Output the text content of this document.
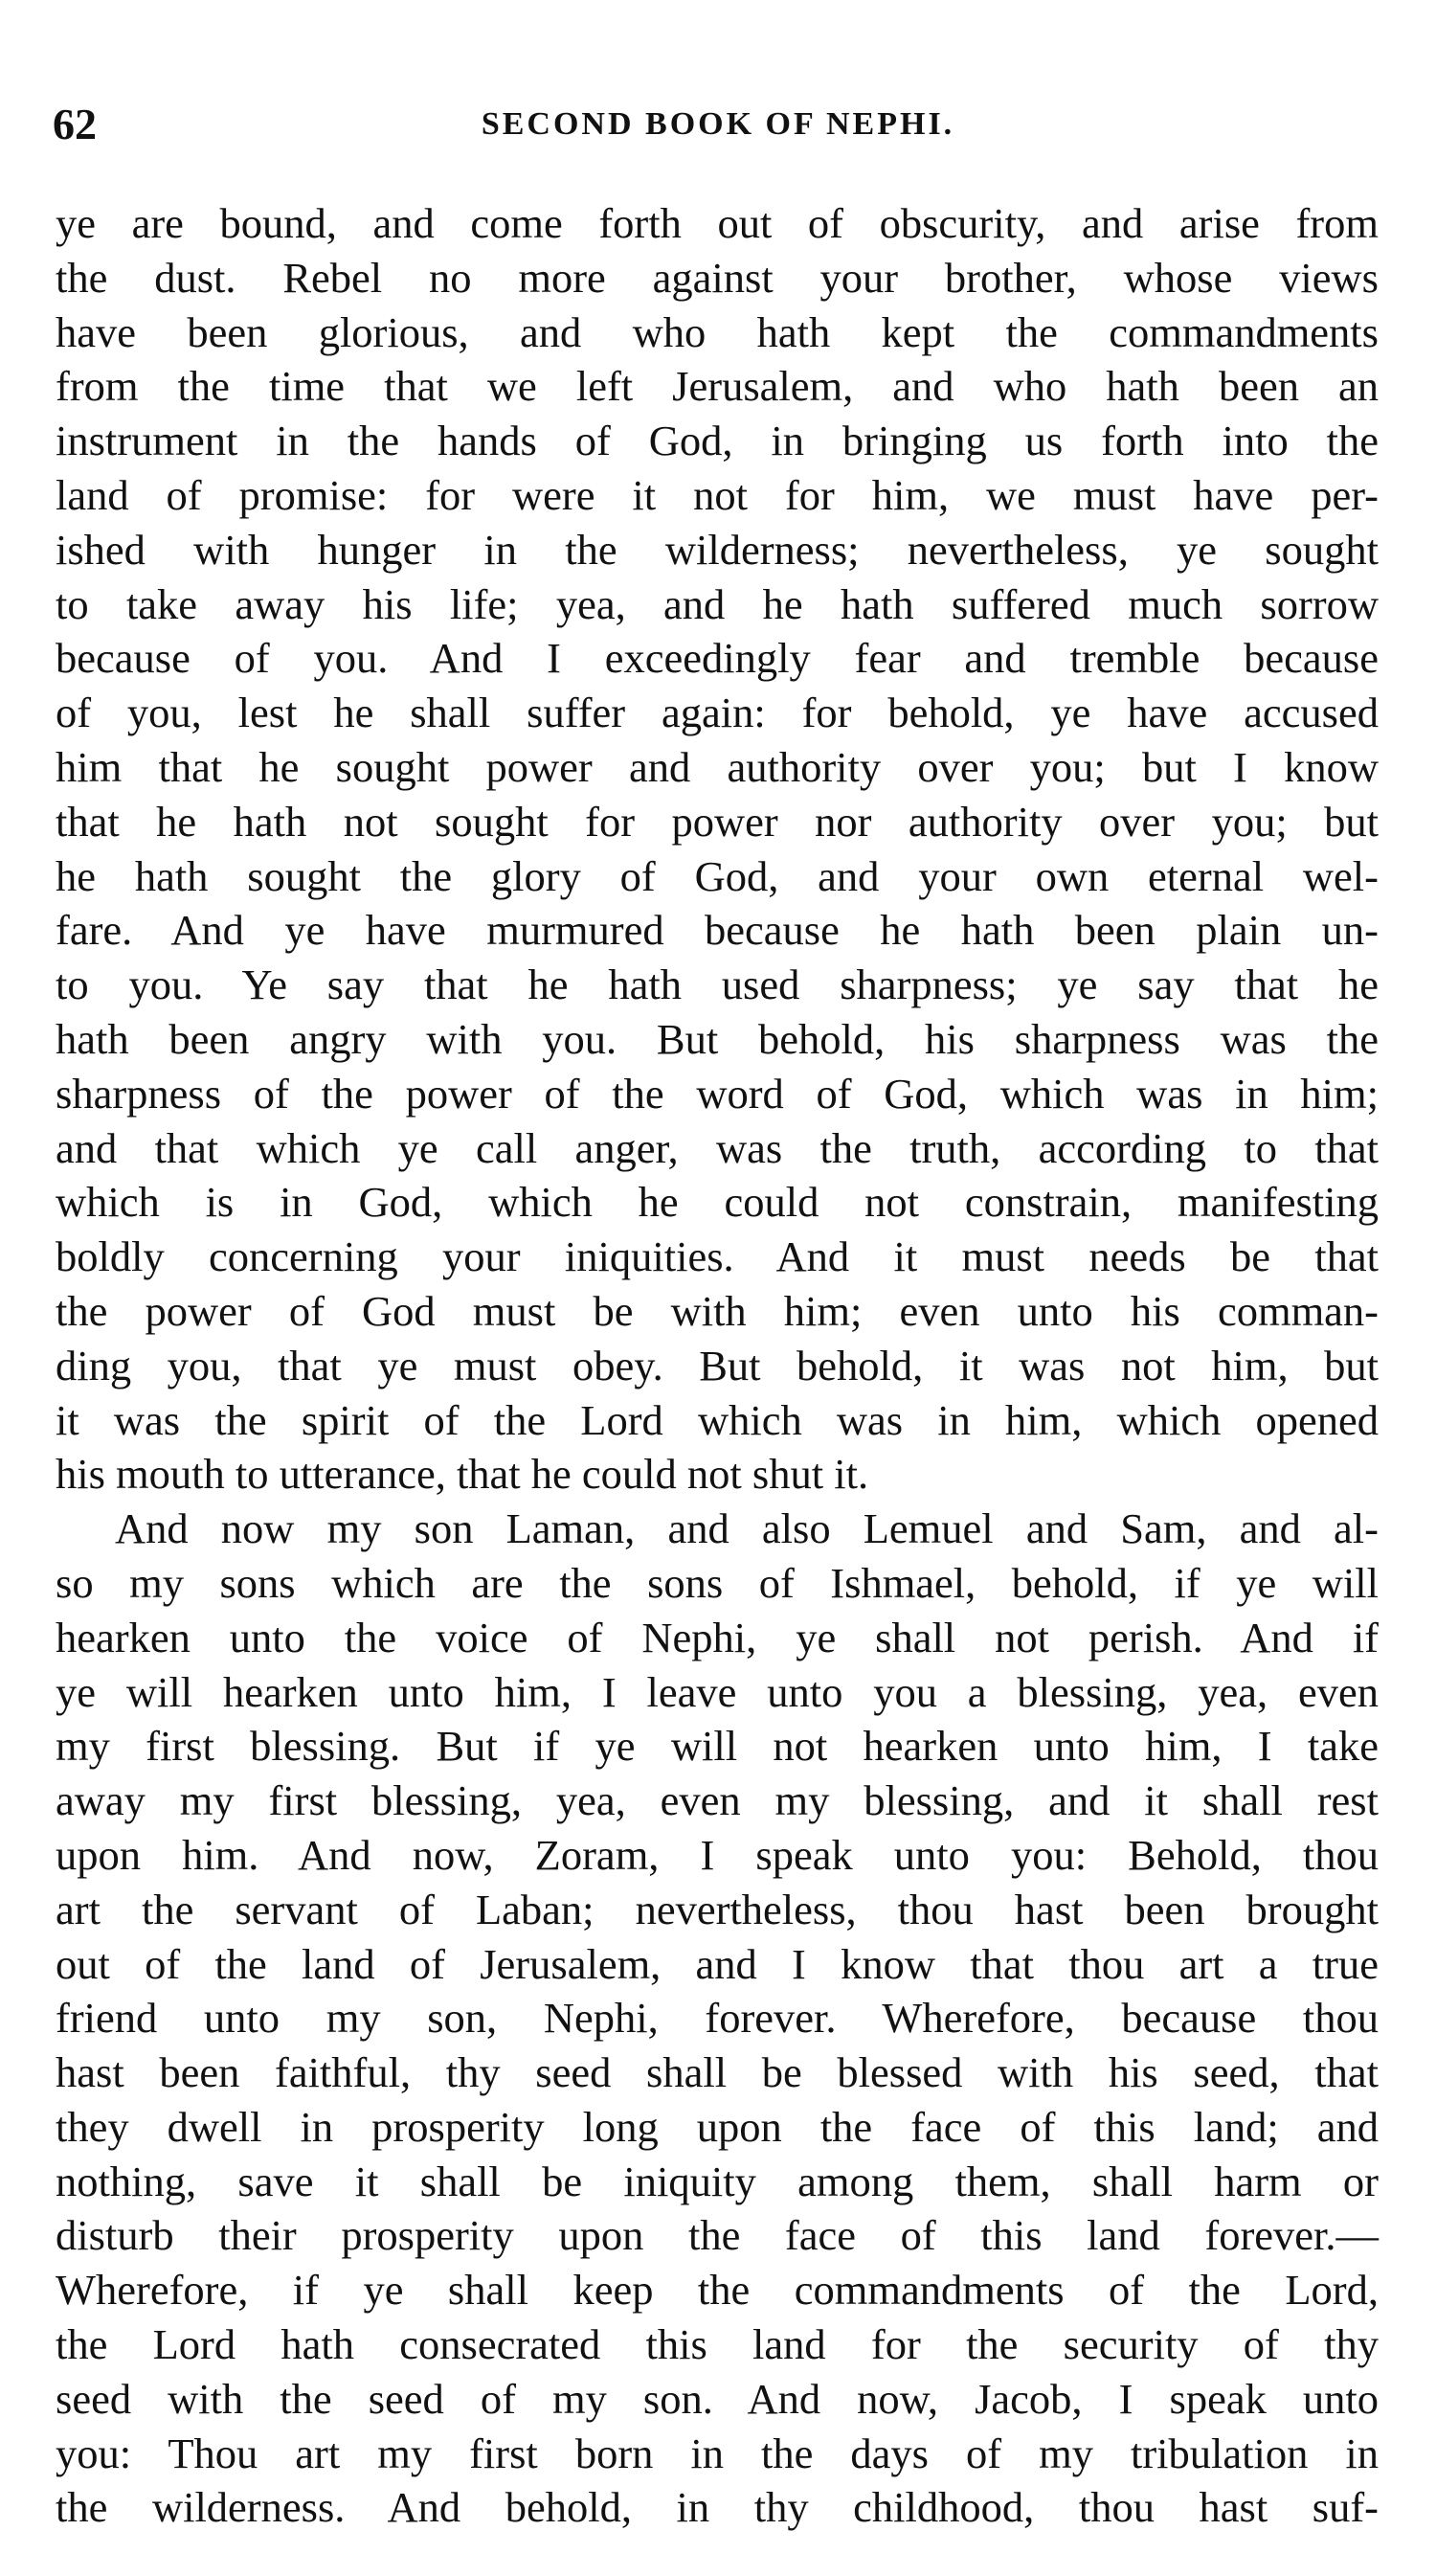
62	SECOND BOOK OF NEPHI.
ye are bound, and come forth out of obscurity, and arise from
the dust. Rebel no more against your brother, whose views
have been glorious, and who hath kept the commandments
from the time that we left Jerusalem, and who hath been an
instrument in the hands of God, in bringing us forth into the
land of promise: for were it not for him, we must have per-
ished with hunger in the wilderness; nevertheless, ye sought
to take away his life; yea, and he hath suffered much sorrow
because of you. And I exceedingly fear and tremble because
of you, lest he shall suffer again: for behold, ye have accused
him that he sought power and authority over you; but I know
that he hath not sought for power nor authority over you; but
he hath sought the glory of God, and your own eternal wel-
fare. And ye have murmured because he hath been plain un-
to you. Ye say that he hath used sharpness; ye say that he
hath been angry with you. But behold, his sharpness was the
sharpness of the power of the word of God, which was in him;
and that which ye call anger, was the truth, according to that
which is in God, which he could not constrain, manifesting
boldly concerning your iniquities. And it must needs be that
the power of God must be with him; even unto his comman-
ding you, that ye must obey. But behold, it was not him, but
it was the spirit of the Lord which was in him, which opened
his mouth to utterance, that he could not shut it.
And now my son Laman, and also Lemuel and Sam, and al-
so my sons which are the sons of Ishmael, behold, if ye will
hearken unto the voice of Nephi, ye shall not perish. And if
ye will hearken unto him, I leave unto you a blessing, yea, even
my first blessing. But if ye will not hearken unto him, I take
away my first blessing, yea, even my blessing, and it shall rest
upon him. And now, Zoram, I speak unto you: Behold, thou
art the servant of Laban; nevertheless, thou hast been brought
out of the land of Jerusalem, and I know that thou art a true
friend unto my son, Nephi, forever. Wherefore, because thou
hast been faithful, thy seed shall be blessed with his seed, that
they dwell in prosperity long upon the face of this land; and
nothing, save it shall be iniquity among them, shall harm or
disturb their prosperity upon the face of this land forever.—
Wherefore, if ye shall keep the commandments of the Lord,
the Lord hath consecrated this land for the security of thy
seed with the seed of my son. And now, Jacob, I speak unto
you: Thou art my first born in the days of my tribulation in
the wilderness. And behold, in thy childhood, thou hast suf-
